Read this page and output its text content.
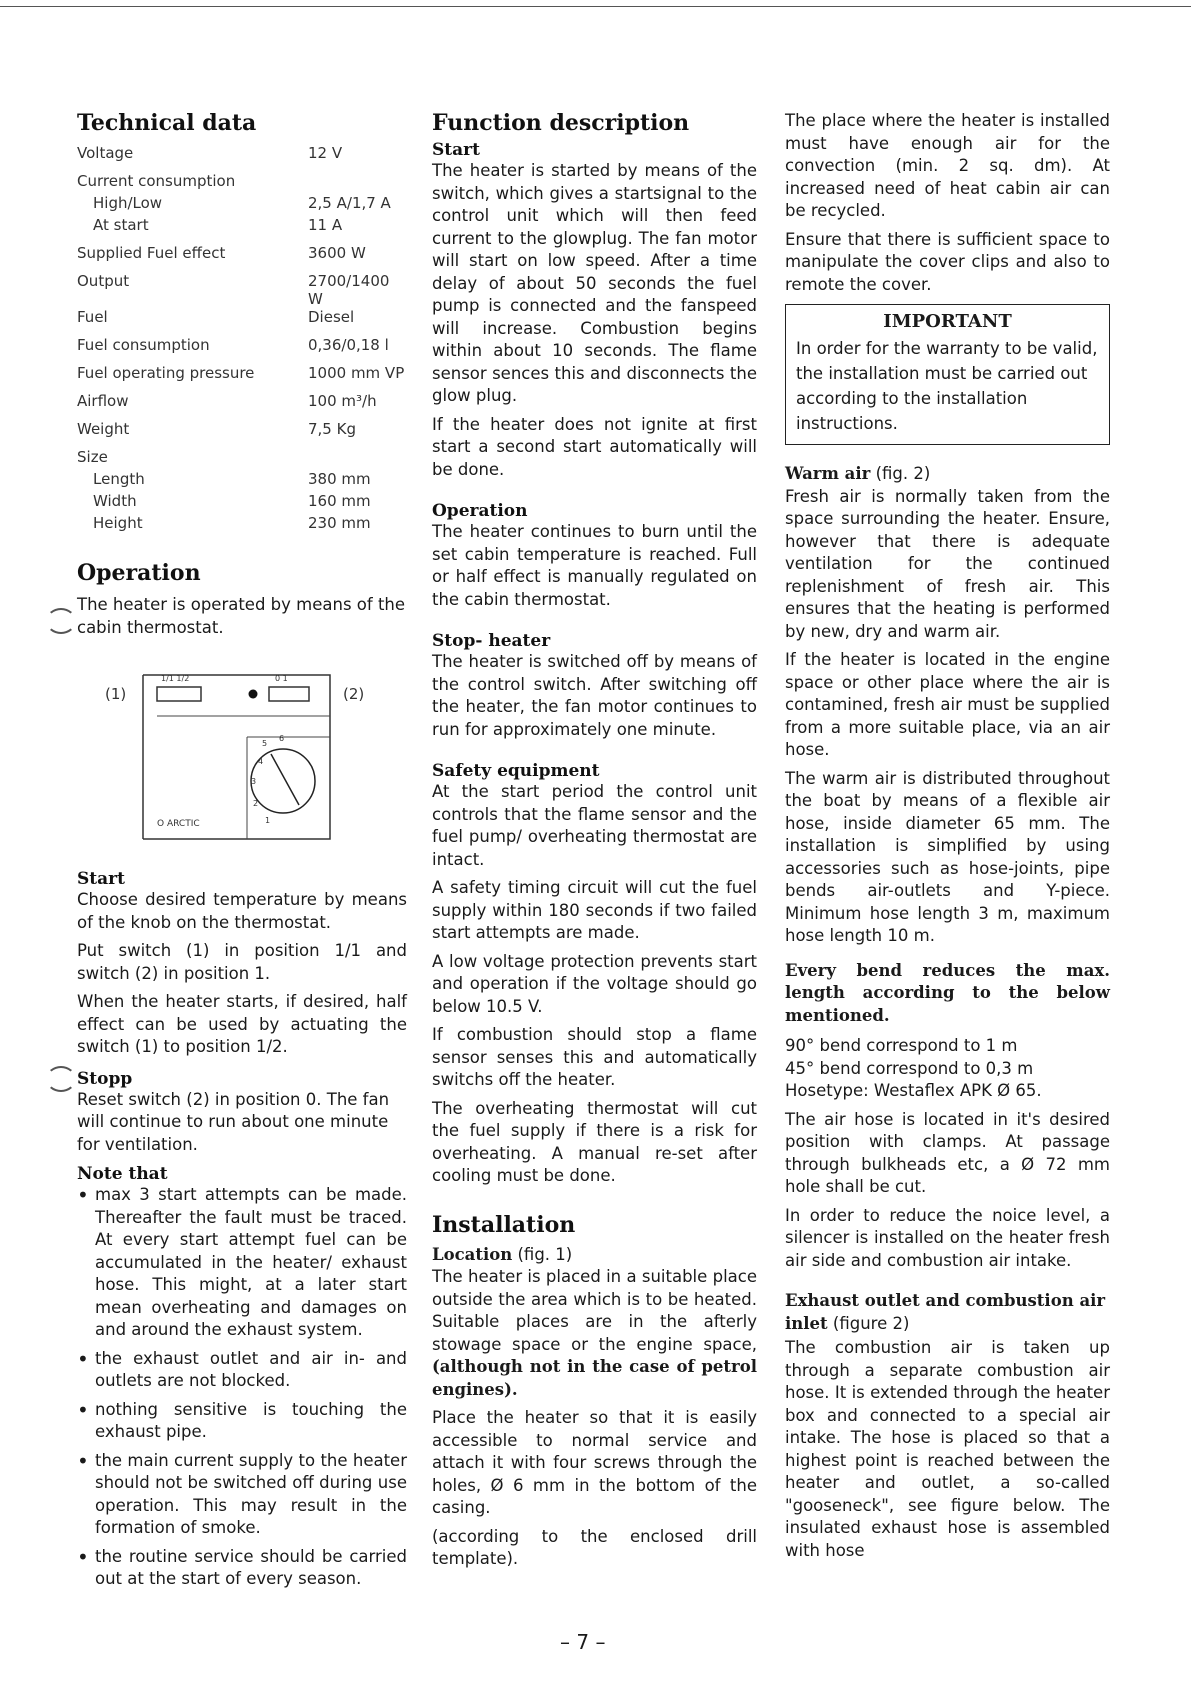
Technical data
Voltage	12 V
Current consumption	
High/Low	2,5 A/1,7 A
At start	11 A
Supplied Fuel effect	3600 W
Output	2700/1400 W
Fuel	Diesel
Fuel consumption	0,36/0,18 l
Fuel operating pressure	1000 mm VP
Airflow	100 m³/h
Weight	7,5 Kg
Size	
Length	380 mm
Width	160 mm
Height	230 mm
Operation

The heater is operated by means of the cabin thermostat.

4
5
6
3
2
1
(1)	(2)
1/1 1/2	0 1
O ARCTIC
Start

Choose desired temperature by means of the knob on the thermostat.

Put switch (1) in position 1/1 and switch (2) in position 1.

When the heater starts, if desired, half effect can be used by actuating the switch (1) to position 1/2.

Stopp

Reset switch (2) in position 0. The fan will continue to run about one minute for ventilation.

Note that
• max 3 start attempts can be made. Thereafter the fault must be traced. At every start attempt fuel can be accumulated in the heater/ exhaust hose. This might, at a later start mean overheating and damages on and around the exhaust system.
• the exhaust outlet and air in- and outlets are not blocked.
• nothing sensitive is touching the exhaust pipe.
• the main current supply to the heater should not be switched off during use operation. This may result in the formation of smoke.
• the routine service should be carried out at the start of every season.
Function description
Start

The heater is started by means of the switch, which gives a startsignal to the control unit which will then feed current to the glowplug. The fan motor will start on low speed. After a time delay of about 50 seconds the fuel pump is connected and the fanspeed will increase. Combustion begins within about 10 seconds. The flame sensor sences this and disconnects the glow plug.

If the heater does not ignite at first start a second start automatically will be done.

Operation

The heater continues to burn until the set cabin temperature is reached. Full or half effect is manually regulated on the cabin thermostat.

Stop- heater

The heater is switched off by means of the control switch. After switching off the heater, the fan motor continues to run for approximately one minute.

Safety equipment

At the start period the control unit controls that the flame sensor and the fuel pump/ overheating thermostat are intact.

A safety timing circuit will cut the fuel supply within 180 seconds if two failed start attempts are made.

A low voltage protection prevents start and operation if the voltage should go below 10.5 V.

If combustion should stop a flame sensor senses this and automatically switchs off the heater.

The overheating thermostat will cut the fuel supply if there is a risk for overheating. A manual re-set after cooling must be done.

Installation

Location (fig. 1)

The heater is placed in a suitable place outside the area which is to be heated. Suitable places are in the afterly stowage space or the engine space, (although not in the case of petrol engines).

Place the heater so that it is easily accessible to normal service and attach it with four screws through the holes, Ø 6 mm in the bottom of the casing.

(according to the enclosed drill template).

The place where the heater is installed must have enough air for the convection (min. 2 sq. dm). At increased need of heat cabin air can be recycled.

Ensure that there is sufficient space to manipulate the cover clips and also to remote the cover.

IMPORTANT

In order for the warranty to be valid, the installation must be carried out according to the installation instructions.

Warm air (fig. 2)

Fresh air is normally taken from the space surrounding the heater. Ensure, however that there is adequate ventilation for the continued replenishment of fresh air. This ensures that the heating is performed by new, dry and warm air.

If the heater is located in the engine space or other place where the air is contamined, fresh air must be supplied from a more suitable place, via an air hose.

The warm air is distributed throughout the boat by means of a flexible air hose, inside diameter 65 mm. The installation is simplified by using accessories such as hose-joints, pipe bends air-outlets and Y-piece. Minimum hose length 3 m, maximum hose length 10 m.

Every bend reduces the max. length according to the below mentioned.

90° bend correspond to 1 m

45° bend correspond to 0,3 m

Hosetype: Westaflex APK Ø 65.

The air hose is located in it's desired position with clamps. At passage through bulkheads etc, a Ø 72 mm hole shall be cut.

In order to reduce the noice level, a silencer is installed on the heater fresh air side and combustion air intake.

Exhaust outlet and combustion air inlet (figure 2)

The combustion air is taken up through a separate combustion air hose. It is extended through the heater box and connected to a special air intake. The hose is placed so that a highest point is reached between the heater and outlet, a so-called "gooseneck", see figure below. The insulated exhaust hose is assembled with hose

– 7 –
